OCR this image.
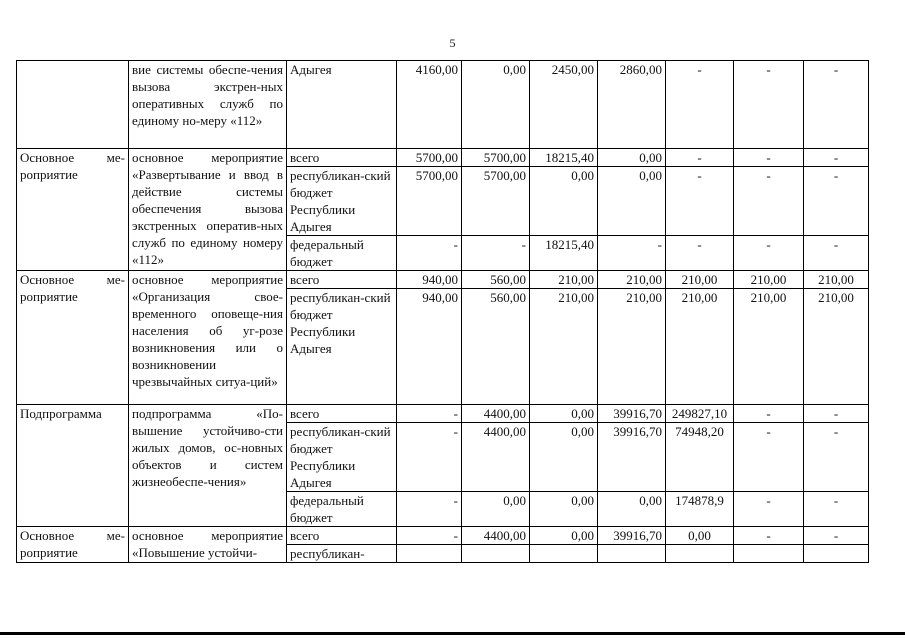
5
	вие системы обеспе-чения вызова экстрен-ных оперативных служб по единому но-меру «112»	Адыгея	4160,00	0,00	2450,00	2860,00	-	-	-
Основное ме-роприятие	основное мероприятие «Развертывание и ввод в действие системы обеспечения вызова экстренных оператив-ных служб по единому номеру «112»	всего	5700,00	5700,00	18215,40	0,00	-	-	-
		республикан-ский бюджет Республики Адыгея	5700,00	5700,00	0,00	0,00	-	-	-
		федеральный бюджет	-	-	18215,40	-	-	-	-
Основное ме-роприятие	основное мероприятие «Организация свое-временного оповеще-ния населения об уг-розе возникновения или о возникновении чрезвычайных ситуа-ций»	всего	940,00	560,00	210,00	210,00	210,00	210,00	210,00
		республикан-ский бюджет Республики Адыгея	940,00	560,00	210,00	210,00	210,00	210,00	210,00
Подпрограмма	подпрограмма «По-вышение устойчиво-сти жилых домов, ос-новных объектов и систем жизнеобеспе-чения»	всего	-	4400,00	0,00	39916,70	249827,10	-	-
		республикан-ский бюджет Республики Адыгея	-	4400,00	0,00	39916,70	74948,20	-	-
		федеральный бюджет	-	0,00	0,00	0,00	174878,9	-	-
Основное ме-роприятие	основное мероприятие «Повышение устойчи-	всего	-	4400,00	0,00	39916,70	0,00	-	-
		республикан-							
